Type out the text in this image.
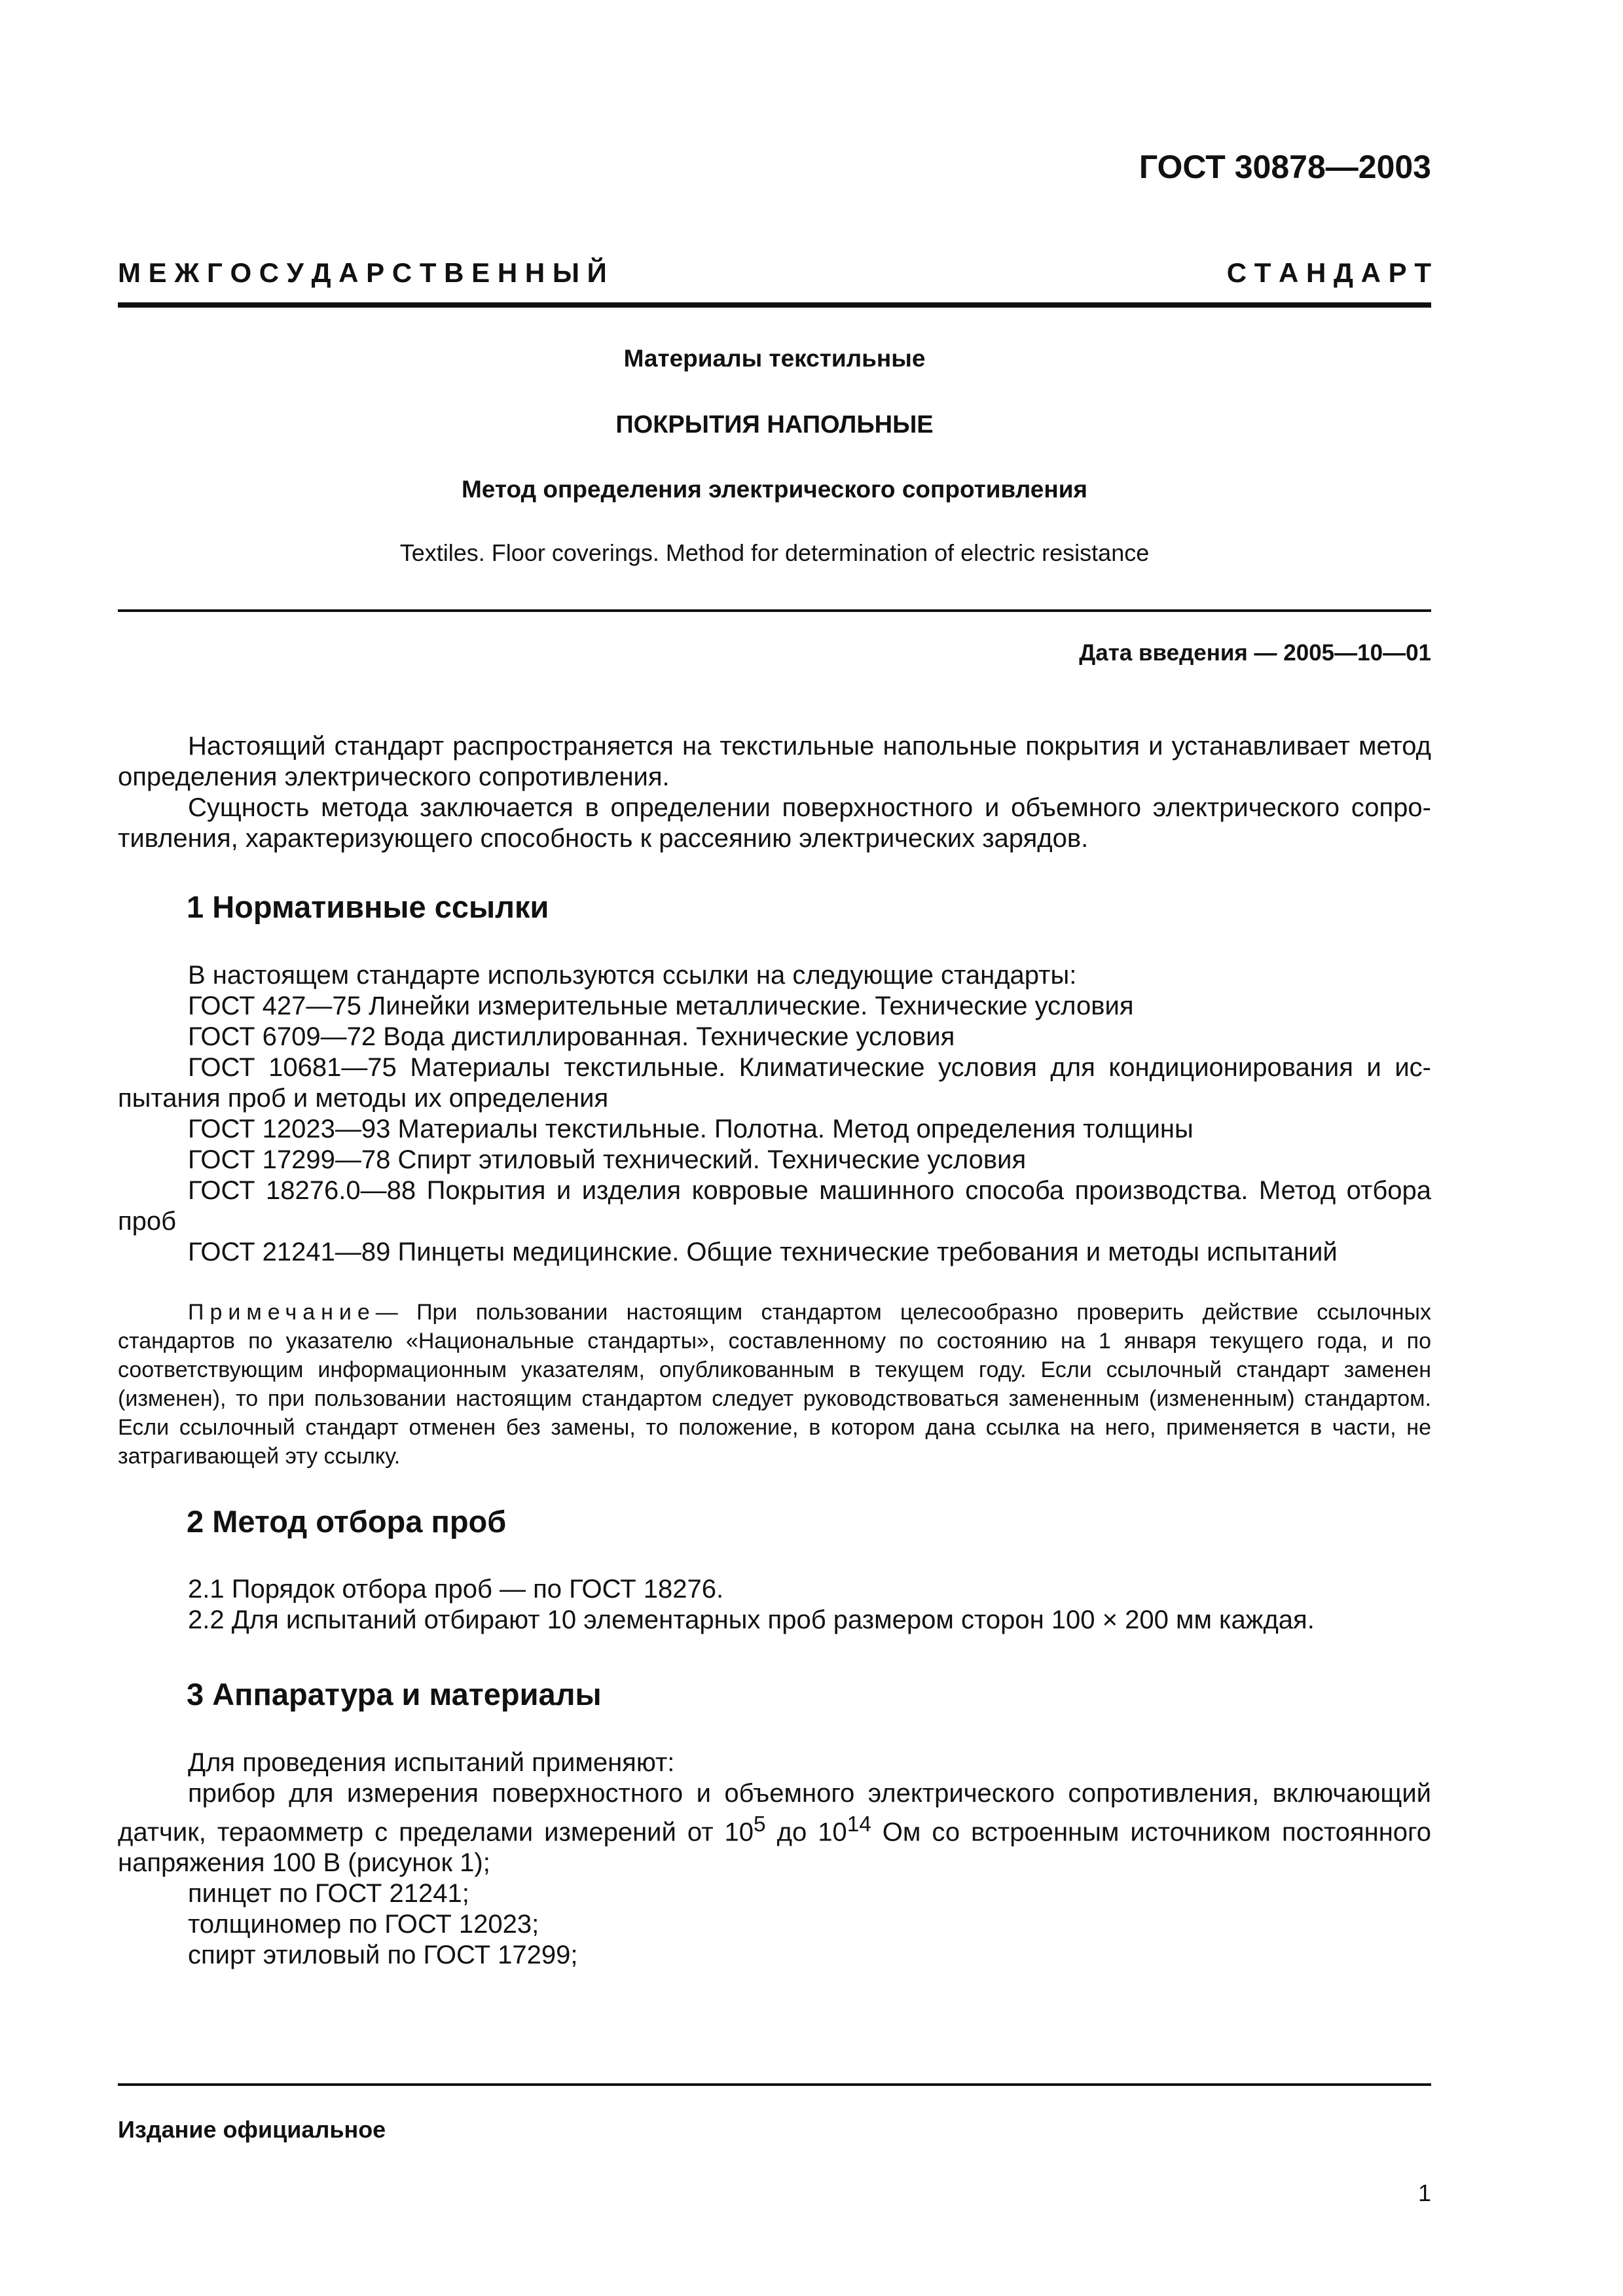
ГОСТ 30878—2003
М Е Ж Г О С У Д А Р С Т В Е Н Н Ы Й	С Т А Н Д А Р Т
Материалы текстильные
ПОКРЫТИЯ НАПОЛЬНЫЕ
Метод определения электрического сопротивления
Textiles. Floor coverings. Method for determination of electric resistance
Дата введения — 2005—10—01

Настоящий стандарт распространяется на текстильные напольные покрытия и устанавливает метод определения электрического сопротивления.

Сущность метода заключается в определении поверхностного и объемного электрического сопротивления, характеризующего способность к рассеянию электрических зарядов.

1 Нормативные ссылки

В настоящем стандарте используются ссылки на следующие стандарты:

ГОСТ 427—75 Линейки измерительные металлические. Технические условия

ГОСТ 6709—72 Вода дистиллированная. Технические условия

ГОСТ 10681—75 Материалы текстильные. Климатические условия для кондиционирования и испытания проб и методы их определения

ГОСТ 12023—93 Материалы текстильные. Полотна. Метод определения толщины

ГОСТ 17299—78 Спирт этиловый технический. Технические условия

ГОСТ 18276.0—88 Покрытия и изделия ковровые машинного способа производства. Метод отбора проб

ГОСТ 21241—89 Пинцеты медицинские. Общие технические требования и методы испытаний

Примечание— При пользовании настоящим стандартом целесообразно проверить действие ссылочных стандартов по указателю «Национальные стандарты», составленному по состоянию на 1 января текущего года, и по соответствующим информационным указателям, опубликованным в текущем году. Если ссылочный стандарт заменен (изменен), то при пользовании настоящим стандартом следует руководствоваться замененным (измененным) стандартом. Если ссылочный стандарт отменен без замены, то положение, в котором дана ссылка на него, применяется в части, не затрагивающей эту ссылку.

2 Метод отбора проб

2.1 Порядок отбора проб — по ГОСТ 18276.

2.2 Для испытаний отбирают 10 элементарных проб размером сторон 100 × 200 мм каждая.

3 Аппаратура и материалы

Для проведения испытаний применяют:

прибор для измерения поверхностного и объемного электрического сопротивления, включающий датчик, тераомметр с пределами измерений от $10^5$ до $10^{14}$ Ом со встроенным источником постоянного напряжения 100 В (рисунок 1);

пинцет по ГОСТ 21241;

толщиномер по ГОСТ 12023;

спирт этиловый по ГОСТ 17299;

Издание официальное
1
